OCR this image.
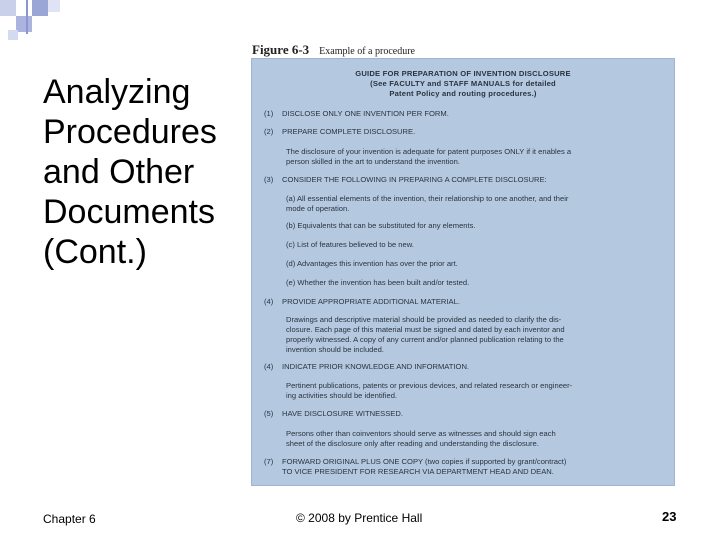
Analyzing
Procedures
and Other
Documents
(Cont.)
Figure 6-3 Example of a procedure
GUIDE FOR PREPARATION OF INVENTION DISCLOSURE
(See FACULTY and STAFF MANUALS for detailed
Patent Policy and routing procedures.)
(1) DISCLOSE ONLY ONE INVENTION PER FORM.
(2) PREPARE COMPLETE DISCLOSURE.
The disclosure of your invention is adequate for patent purposes ONLY if it enables a
person skilled in the art to understand the invention.
(3) CONSIDER THE FOLLOWING IN PREPARING A COMPLETE DISCLOSURE:
(a) All essential elements of the invention, their relationship to one another, and their
mode of operation.
(b) Equivalents that can be substituted for any elements.
(c) List of features believed to be new.
(d) Advantages this invention has over the prior art.
(e) Whether the invention has been built and/or tested.
(4) PROVIDE APPROPRIATE ADDITIONAL MATERIAL.
Drawings and descriptive material should be provided as needed to clarify the dis-
closure. Each page of this material must be signed and dated by each inventor and
properly witnessed. A copy of any current and/or planned publication relating to the
invention should be included.
(4) INDICATE PRIOR KNOWLEDGE AND INFORMATION.
Pertinent publications, patents or previous devices, and related research or engineer-
ing activities should be identified.
(5) HAVE DISCLOSURE WITNESSED.
Persons other than coinventors should serve as witnesses and should sign each
sheet of the disclosure only after reading and understanding the disclosure.
(7) FORWARD ORIGINAL PLUS ONE COPY (two copies if supported by grant/contract)
TO VICE PRESIDENT FOR RESEARCH VIA DEPARTMENT HEAD AND DEAN.
Chapter 6	© 2008 by Prentice Hall	23
